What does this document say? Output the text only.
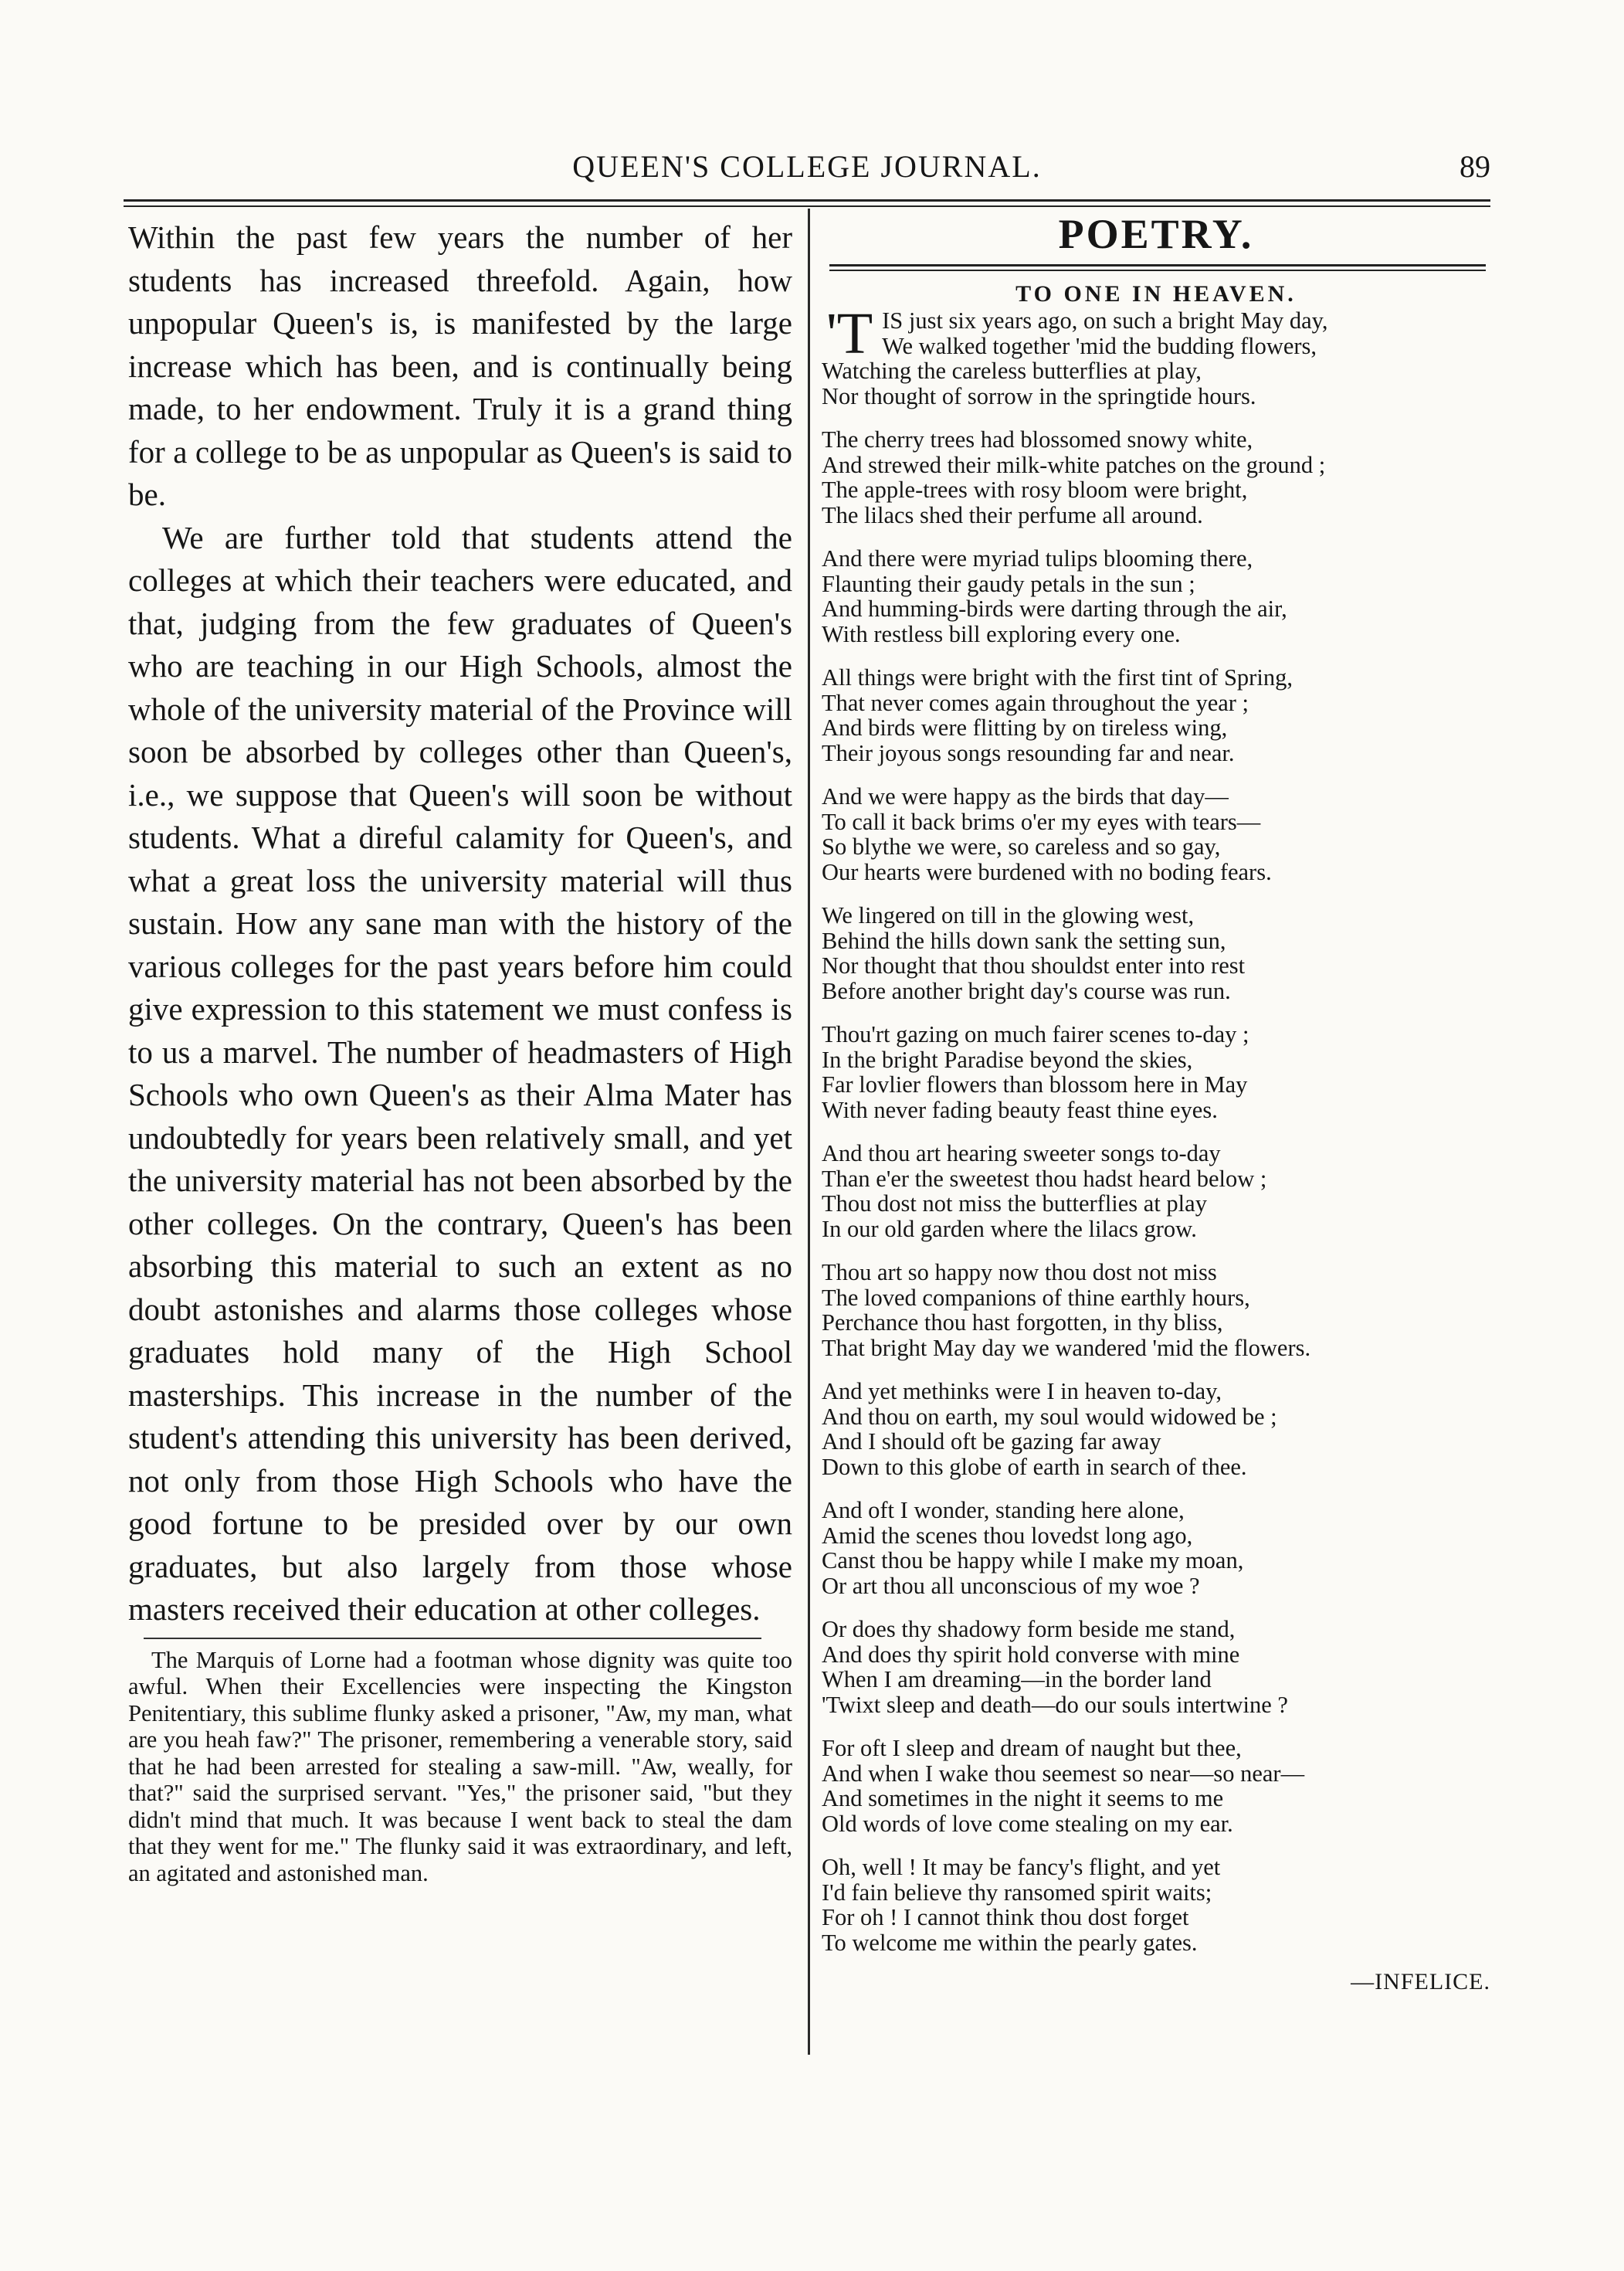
QUEEN'S COLLEGE JOURNAL.	89

Within the past few years the number of her students has increased threefold. Again, how unpopular Queen's is, is manifested by the large increase which has been, and is continually being made, to her endowment. Truly it is a grand thing for a college to be as unpopular as Queen's is said to be.

We are further told that students attend the colleges at which their teachers were educated, and that, judging from the few graduates of Queen's who are teaching in our High Schools, almost the whole of the university material of the Province will soon be absorbed by colleges other than Queen's, i.e., we suppose that Queen's will soon be without students. What a direful calamity for Queen's, and what a great loss the university material will thus sustain. How any sane man with the history of the various colleges for the past years before him could give expression to this statement we must confess is to us a marvel. The number of headmasters of High Schools who own Queen's as their Alma Mater has undoubtedly for years been relatively small, and yet the university material has not been absorbed by the other colleges. On the contrary, Queen's has been absorbing this material to such an extent as no doubt astonishes and alarms those colleges whose graduates hold many of the High School masterships. This increase in the number of the student's attending this university has been derived, not only from those High Schools who have the good fortune to be presided over by our own graduates, but also largely from those whose masters received their education at other colleges.

The Marquis of Lorne had a footman whose dignity was quite too awful. When their Excellencies were inspecting the Kingston Penitentiary, this sublime flunky asked a prisoner, "Aw, my man, what are you heah faw?" The prisoner, remembering a venerable story, said that he had been arrested for stealing a saw-mill. "Aw, weally, for that?" said the surprised servant. "Yes," the prisoner said, "but they didn't mind that much. It was because I went back to steal the dam that they went for me." The flunky said it was extraordinary, and left, an agitated and astonished man.

POETRY.
TO ONE IN HEAVEN.
'TIS just six years ago, on such a bright May day,
We walked together 'mid the budding flowers,
Watching the careless butterflies at play,
Nor thought of sorrow in the springtide hours.
The cherry trees had blossomed snowy white,
And strewed their milk-white patches on the ground ;
The apple-trees with rosy bloom were bright,
The lilacs shed their perfume all around.
And there were myriad tulips blooming there,
Flaunting their gaudy petals in the sun ;
And humming-birds were darting through the air,
With restless bill exploring every one.
All things were bright with the first tint of Spring,
That never comes again throughout the year ;
And birds were flitting by on tireless wing,
Their joyous songs resounding far and near.
And we were happy as the birds that day—
To call it back brims o'er my eyes with tears—
So blythe we were, so careless and so gay,
Our hearts were burdened with no boding fears.
We lingered on till in the glowing west,
Behind the hills down sank the setting sun,
Nor thought that thou shouldst enter into rest
Before another bright day's course was run.
Thou'rt gazing on much fairer scenes to-day ;
In the bright Paradise beyond the skies,
Far lovlier flowers than blossom here in May
With never fading beauty feast thine eyes.
And thou art hearing sweeter songs to-day
Than e'er the sweetest thou hadst heard below ;
Thou dost not miss the butterflies at play
In our old garden where the lilacs grow.
Thou art so happy now thou dost not miss
The loved companions of thine earthly hours,
Perchance thou hast forgotten, in thy bliss,
That bright May day we wandered 'mid the flowers.
And yet methinks were I in heaven to-day,
And thou on earth, my soul would widowed be ;
And I should oft be gazing far away
Down to this globe of earth in search of thee.
And oft I wonder, standing here alone,
Amid the scenes thou lovedst long ago,
Canst thou be happy while I make my moan,
Or art thou all unconscious of my woe ?
Or does thy shadowy form beside me stand,
And does thy spirit hold converse with mine
When I am dreaming—in the border land
'Twixt sleep and death—do our souls intertwine ?
For oft I sleep and dream of naught but thee,
And when I wake thou seemest so near—so near—
And sometimes in the night it seems to me
Old words of love come stealing on my ear.
Oh, well ! It may be fancy's flight, and yet
I'd fain believe thy ransomed spirit waits;
For oh ! I cannot think thou dost forget
To welcome me within the pearly gates.
—INFELICE.
